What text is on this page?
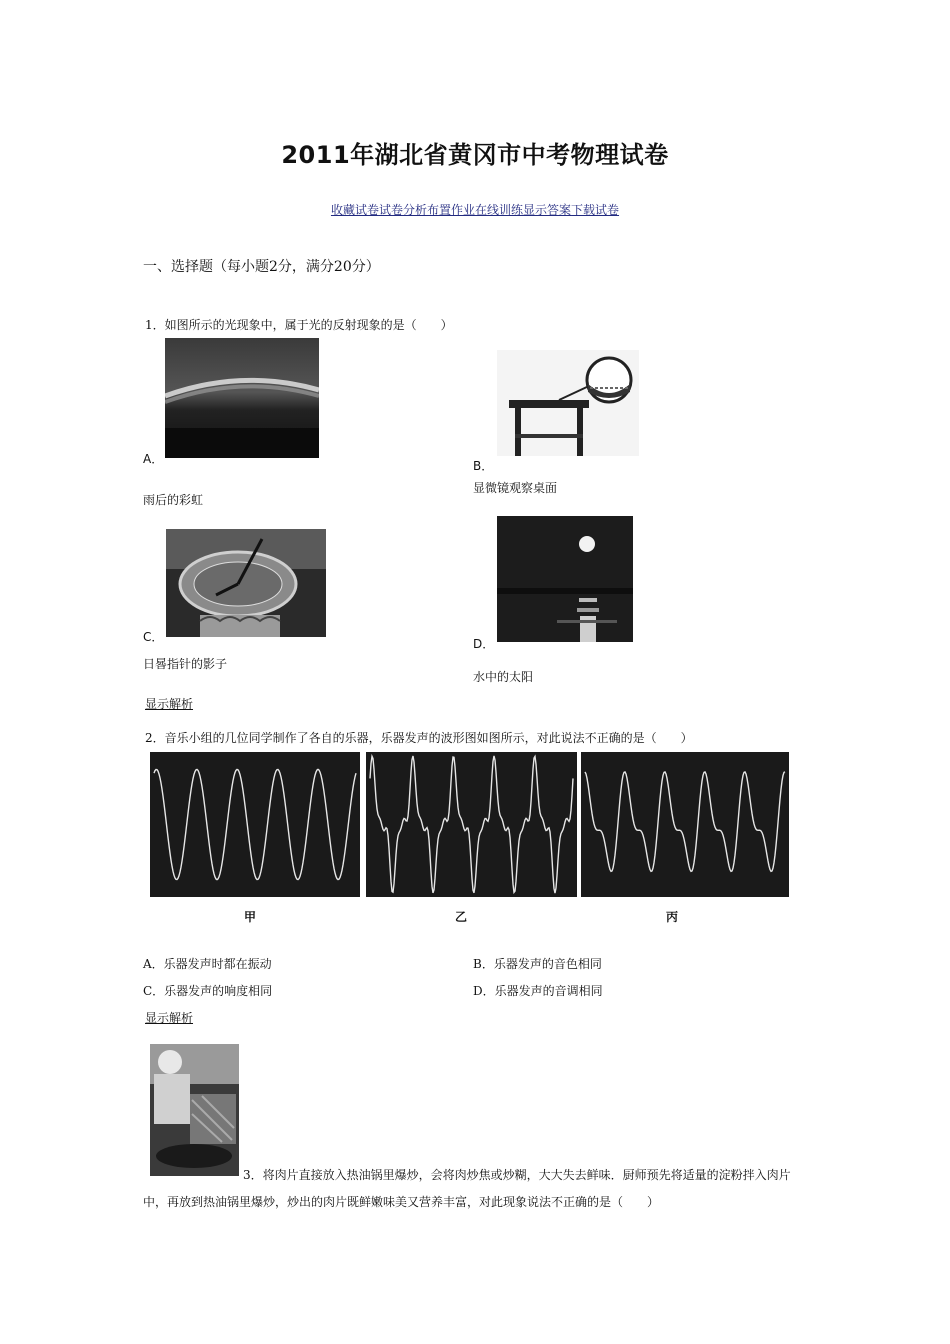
2011年湖北省黄冈市中考物理试卷
收藏试卷试卷分析布置作业在线训练显示答案下载试卷
一、选择题（每小题2分，满分20分）
1．如图所示的光现象中，属于光的反射现象的是（　　）
A．
雨后的彩虹
B．
显微镜观察桌面
C．
日晷指针的影子
D．
水中的太阳
显示解析
2．音乐小组的几位同学制作了各自的乐器，乐器发声的波形图如图所示，对此说法不正确的是（　　）
甲	乙	丙
A．乐器发声时都在振动	B．乐器发声的音色相同
C．乐器发声的响度相同	D．乐器发声的音调相同
显示解析
3．将肉片直接放入热油锅里爆炒，会将肉炒焦或炒糊，大大失去鲜味．厨师预先将适量的淀粉拌入肉片
中，再放到热油锅里爆炒，炒出的肉片既鲜嫩味美又营养丰富，对此现象说法不正确的是（　　）
